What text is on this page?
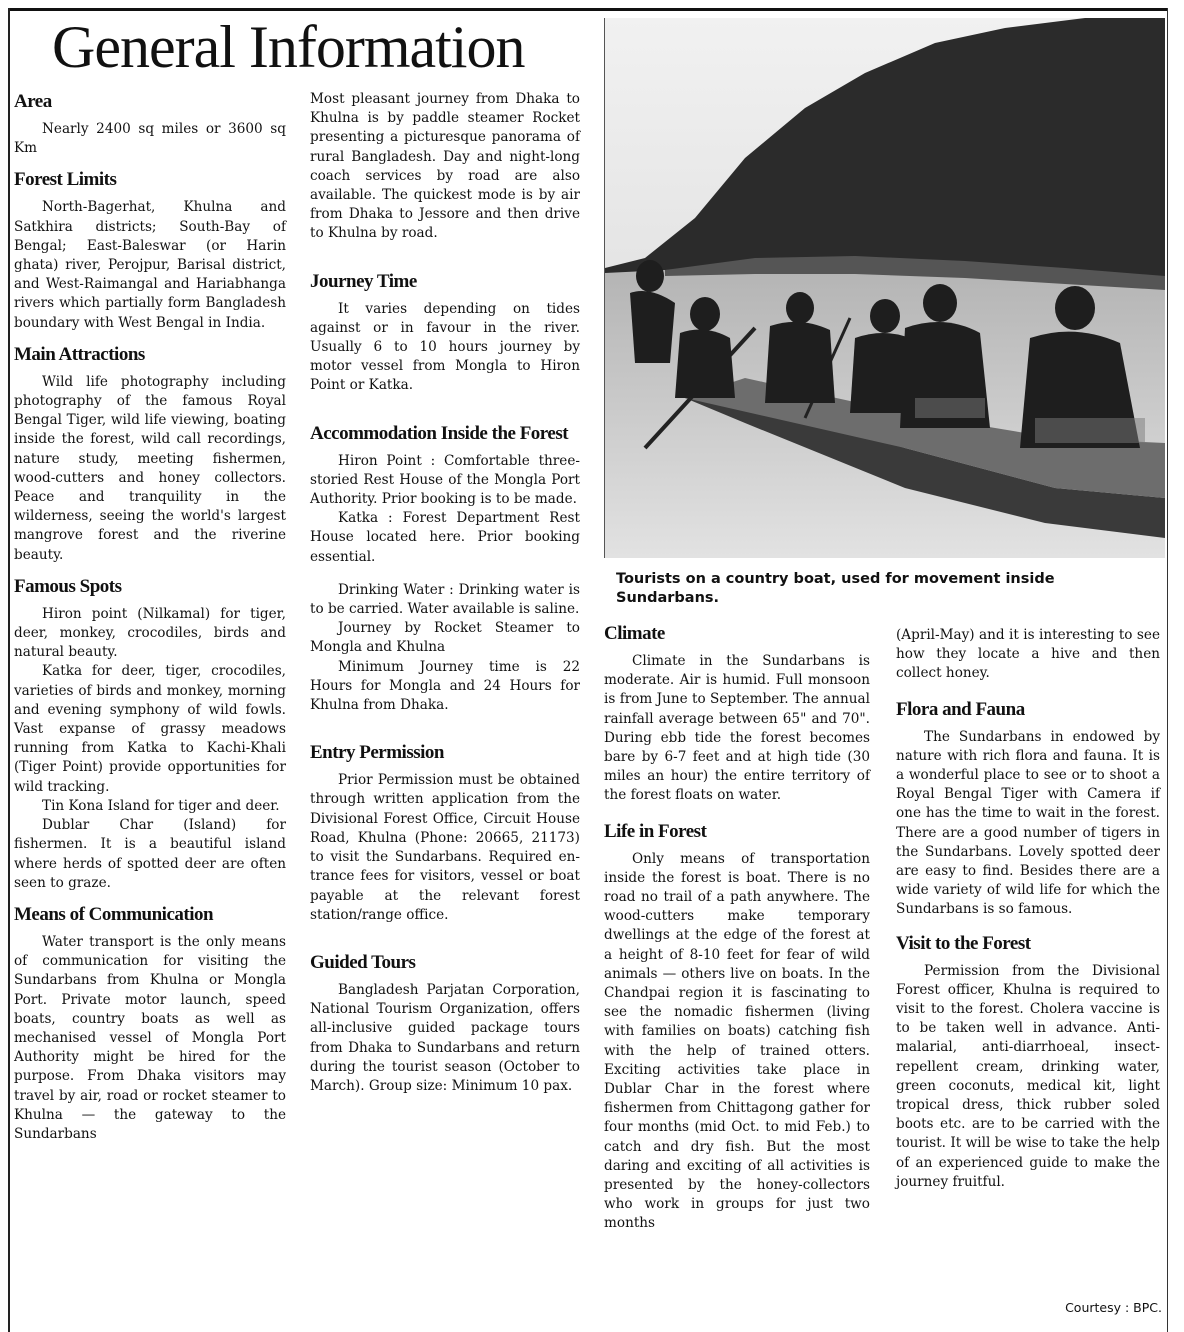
General Information
Area

Nearly 2400 sq miles or 3600 sq Km

Forest Limits

North-Bagerhat, Khulna and Satkhira districts; South-Bay of Bengal; East-Baleswar (or Harin ghata) river, Perojpur, Barisal district, and West-Raimangal and Hariabhanga rivers which partially form Bangladesh boundary with West Bengal in India.

Main Attractions

Wild life photography including photography of the famous Royal Bengal Tiger, wild life viewing, boating inside the forest, wild call recordings, nature study, meeting fishermen, wood-cutters and honey collectors. Peace and tranquility in the wilderness, seeing the world's largest mangrove forest and the riverine beauty.

Famous Spots

Hiron point (Nilkamal) for tiger, deer, monkey, crocodiles, birds and natural beauty.

Katka for deer, tiger, crocodiles, varieties of birds and monkey, morning and evening symphony of wild fowls. Vast expanse of grassy meadows running from Katka to Kachi-Khali (Tiger Point) provide opportunities for wild tracking.

Tin Kona Island for tiger and deer.

Dublar Char (Island) for fishermen. It is a beautiful island where herds of spotted deer are often seen to graze.

Means of Communication

Water transport is the only means of communication for visiting the Sundarbans from Khulna or Mongla Port. Private motor launch, speed boats, country boats as well as mechanised vessel of Mongla Port Authority might be hired for the purpose. From Dhaka visitors may travel by air, road or rocket steamer to Khulna — the gateway to the Sundarbans

Most pleasant journey from Dhaka to Khulna is by paddle steamer Rocket presenting a picturesque panorama of rural Bangladesh. Day and night-long coach services by road are also available. The quickest mode is by air from Dhaka to Jessore and then drive to Khulna by road.

Journey Time

It varies depending on tides against or in favour in the river. Usually 6 to 10 hours journey by motor vessel from Mongla to Hiron Point or Katka.

Accommodation Inside the Forest

Hiron Point : Comfortable three-storied Rest House of the Mongla Port Authority. Prior booking is to be made.

Katka : Forest Department Rest House located here. Prior booking essential.

Drinking Water : Drinking water is to be carried. Water available is saline.

Journey by Rocket Steamer to Mongla and Khulna

Minimum Journey time is 22 Hours for Mongla and 24 Hours for Khulna from Dhaka.

Entry Permission

Prior Permission must be obtained through written application from the Divisional Forest Office, Circuit House Road, Khulna (Phone: 20665, 21173) to visit the Sundarbans. Required en-trance fees for visitors, vessel or boat payable at the relevant forest station/range office.

Guided Tours

Bangladesh Parjatan Corporation, National Tourism Organization, offers all-inclusive guided package tours from Dhaka to Sundarbans and return during the tourist season (October to March). Group size: Minimum 10 pax.

Tourists on a country boat, used for movement inside Sundarbans.
Climate

Climate in the Sundarbans is moderate. Air is humid. Full monsoon is from June to September. The annual rainfall average between 65" and 70". During ebb tide the forest becomes bare by 6-7 feet and at high tide (30 miles an hour) the entire territory of the forest floats on water.

Life in Forest

Only means of transportation inside the forest is boat. There is no road no trail of a path anywhere. The wood-cutters make temporary dwellings at the edge of the forest at a height of 8-10 feet for fear of wild animals — others live on boats. In the Chandpai region it is fascinating to see the nomadic fishermen (living with families on boats) catching fish with the help of trained otters. Exciting activities take place in Dublar Char in the forest where fishermen from Chittagong gather for four months (mid Oct. to mid Feb.) to catch and dry fish. But the most daring and exciting of all activities is presented by the honey-collectors who work in groups for just two months

(April-May) and it is interesting to see how they locate a hive and then collect honey.

Flora and Fauna

The Sundarbans in endowed by nature with rich flora and fauna. It is a wonderful place to see or to shoot a Royal Bengal Tiger with Camera if one has the time to wait in the forest. There are a good number of tigers in the Sundarbans. Lovely spotted deer are easy to find. Besides there are a wide variety of wild life for which the Sundarbans is so famous.

Visit to the Forest

Permission from the Divisional Forest officer, Khulna is required to visit to the forest. Cholera vaccine is to be taken well in advance. Anti-malarial, anti-diarrhoeal, insect-repellent cream, drinking water, green coconuts, medical kit, light tropical dress, thick rubber soled boots etc. are to be carried with the tourist. It will be wise to take the help of an experienced guide to make the journey fruitful.

Courtesy : BPC.
